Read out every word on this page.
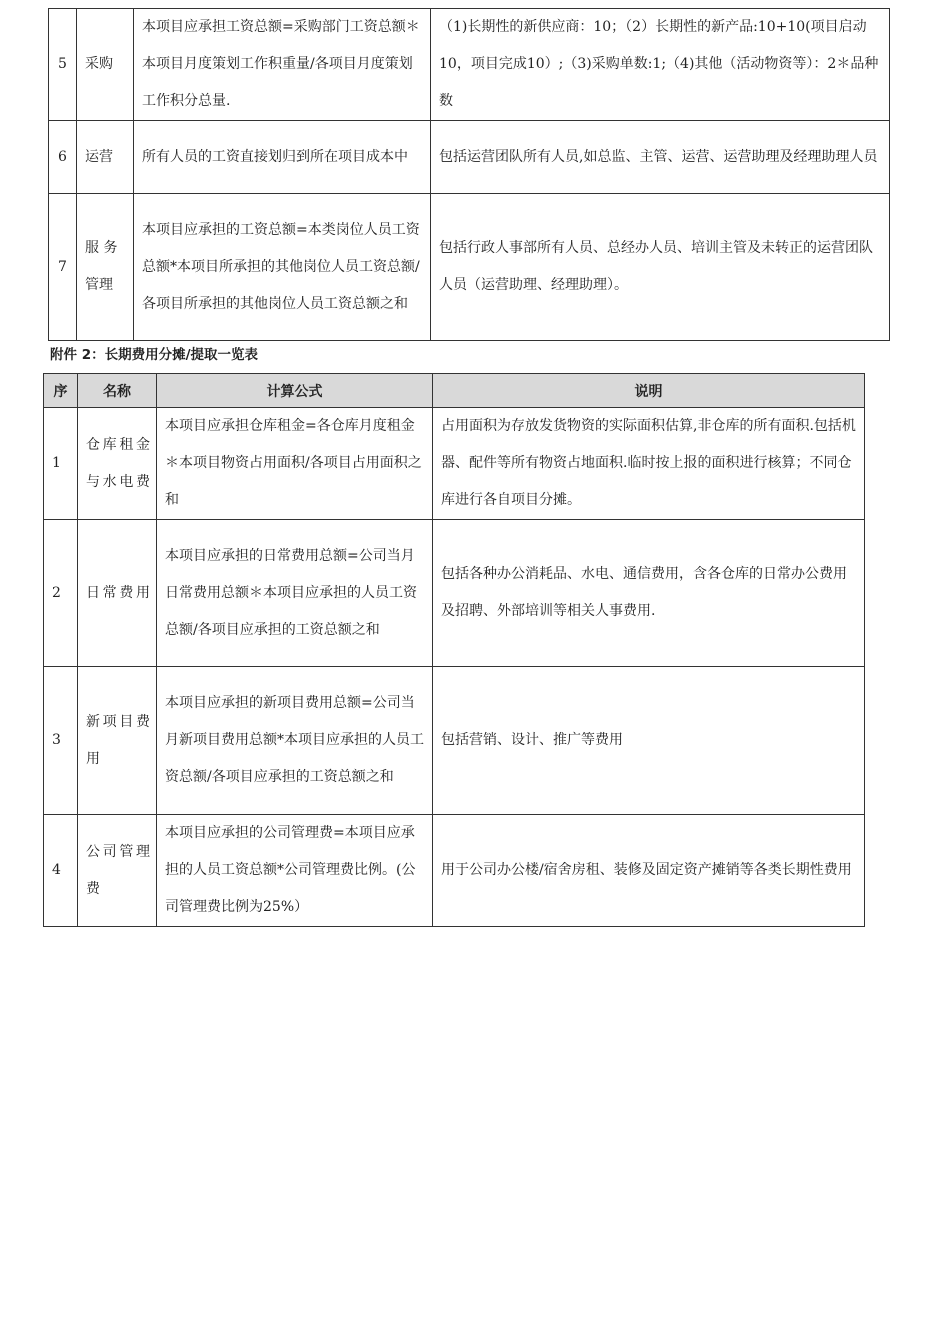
5	采购	本项目应承担工资总额=采购部门工资总额＊本项目月度策划工作积重量/各项目月度策划工作积分总量.	（1)长期性的新供应商：10；（2）长期性的新产品:10+10(项目启动10，项目完成10）;（3)采购单数:1;（4)其他（活动物资等）：2＊品种数
6	运营	所有人员的工资直接划归到所在项目成本中	包括运营团队所有人员,如总监、主管、运营、运营助理及经理助理人员
7	服 务 管理	本项目应承担的工资总额=本类岗位人员工资总额*本项目所承担的其他岗位人员工资总额/各项目所承担的其他岗位人员工资总额之和	包括行政人事部所有人员、总经办人员、培训主管及未转正的运营团队人员（运营助理、经理助理）。
附件 2：长期费用分摊/提取一览表
序	名称	计算公式	说明
1	仓库租金与水电费	本项目应承担仓库租金=各仓库月度租金＊本项目物资占用面积/各项目占用面积之和	占用面积为存放发货物资的实际面积估算,非仓库的所有面积.包括机器、配件等所有物资占地面积.临时按上报的面积进行核算；不同仓库进行各自项目分摊。
2	日常费用	本项目应承担的日常费用总额=公司当月日常费用总额＊本项目应承担的人员工资总额/各项目应承担的工资总额之和	包括各种办公消耗品、水电、通信费用，含各仓库的日常办公费用及招聘、外部培训等相关人事费用.
3	新项目费用	本项目应承担的新项目费用总额=公司当月新项目费用总额*本项目应承担的人员工资总额/各项目应承担的工资总额之和	包括营销、设计、推广等费用
4	公司管理费	本项目应承担的公司管理费=本项目应承担的人员工资总额*公司管理费比例。(公司管理费比例为25%）	用于公司办公楼/宿舍房租、装修及固定资产摊销等各类长期性费用
